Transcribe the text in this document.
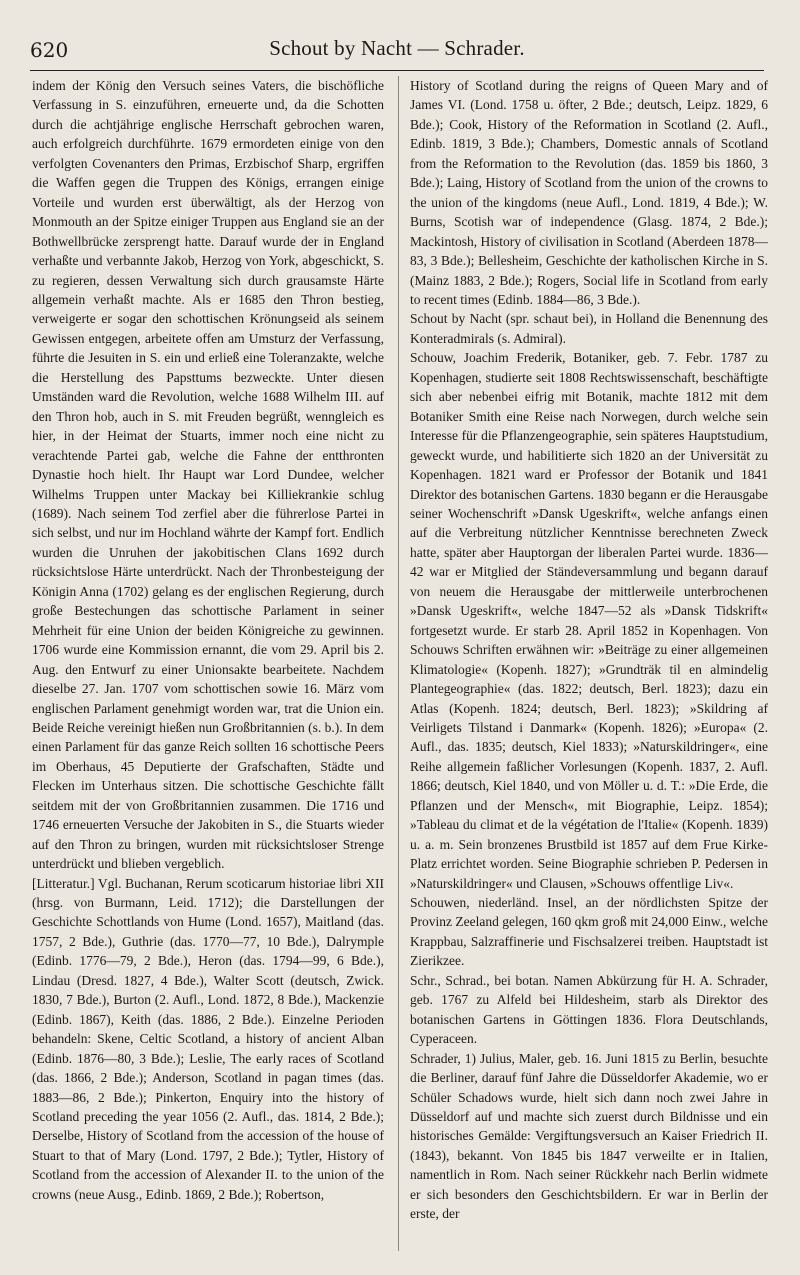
620	Schout by Nacht — Schrader.

indem der König den Versuch seines Vaters, die bischöfliche Verfassung in S. einzuführen, erneuerte und, da die Schotten durch die achtjährige englische Herrschaft gebrochen waren, auch erfolgreich durchführte. 1679 ermordeten einige von den verfolgten Covenanters den Primas, Erzbischof Sharp, ergriffen die Waffen gegen die Truppen des Königs, errangen einige Vorteile und wurden erst überwältigt, als der Herzog von Monmouth an der Spitze einiger Truppen aus England sie an der Bothwellbrücke zersprengt hatte. Darauf wurde der in England verhaßte und verbannte Jakob, Herzog von York, abgeschickt, S. zu regieren, dessen Verwaltung sich durch grausamste Härte allgemein verhaßt machte. Als er 1685 den Thron bestieg, verweigerte er sogar den schottischen Krönungseid als seinem Gewissen entgegen, arbeitete offen am Umsturz der Verfassung, führte die Jesuiten in S. ein und erließ eine Toleranzakte, welche die Herstellung des Papsttums bezweckte. Unter diesen Umständen ward die Revolution, welche 1688 Wilhelm III. auf den Thron hob, auch in S. mit Freuden begrüßt, wenngleich es hier, in der Heimat der Stuarts, immer noch eine nicht zu verachtende Partei gab, welche die Fahne der entthronten Dynastie hoch hielt. Ihr Haupt war Lord Dundee, welcher Wilhelms Truppen unter Mackay bei Killiekrankie schlug (1689). Nach seinem Tod zerfiel aber die führerlose Partei in sich selbst, und nur im Hochland währte der Kampf fort. Endlich wurden die Unruhen der jakobitischen Clans 1692 durch rücksichtslose Härte unterdrückt. Nach der Thronbesteigung der Königin Anna (1702) gelang es der englischen Regierung, durch große Bestechungen das schottische Parlament in seiner Mehrheit für eine Union der beiden Königreiche zu gewinnen. 1706 wurde eine Kommission ernannt, die vom 29. April bis 2. Aug. den Entwurf zu einer Unionsakte bearbeitete. Nachdem dieselbe 27. Jan. 1707 vom schottischen sowie 16. März vom englischen Parlament genehmigt worden war, trat die Union ein. Beide Reiche vereinigt hießen nun Großbritannien (s. b.). In dem einen Parlament für das ganze Reich sollten 16 schottische Peers im Oberhaus, 45 Deputierte der Grafschaften, Städte und Flecken im Unterhaus sitzen. Die schottische Geschichte fällt seitdem mit der von Großbritannien zusammen. Die 1716 und 1746 erneuerten Versuche der Jakobiten in S., die Stuarts wieder auf den Thron zu bringen, wurden mit rücksichtsloser Strenge unterdrückt und blieben vergeblich.

[Litteratur.] Vgl. Buchanan, Rerum scoticarum historiae libri XII (hrsg. von Burmann, Leid. 1712); die Darstellungen der Geschichte Schottlands von Hume (Lond. 1657), Maitland (das. 1757, 2 Bde.), Guthrie (das. 1770—77, 10 Bde.), Dalrymple (Edinb. 1776—79, 2 Bde.), Heron (das. 1794—99, 6 Bde.), Lindau (Dresd. 1827, 4 Bde.), Walter Scott (deutsch, Zwick. 1830, 7 Bde.), Burton (2. Aufl., Lond. 1872, 8 Bde.), Mackenzie (Edinb. 1867), Keith (das. 1886, 2 Bde.). Einzelne Perioden behandeln: Skene, Celtic Scotland, a history of ancient Alban (Edinb. 1876—80, 3 Bde.); Leslie, The early races of Scotland (das. 1866, 2 Bde.); Anderson, Scotland in pagan times (das. 1883—86, 2 Bde.); Pinkerton, Enquiry into the history of Scotland preceding the year 1056 (2. Aufl., das. 1814, 2 Bde.); Derselbe, History of Scotland from the accession of the house of Stuart to that of Mary (Lond. 1797, 2 Bde.); Tytler, History of Scotland from the accession of Alexander II. to the union of the crowns (neue Ausg., Edinb. 1869, 2 Bde.); Robertson,

History of Scotland during the reigns of Queen Mary and of James VI. (Lond. 1758 u. öfter, 2 Bde.; deutsch, Leipz. 1829, 6 Bde.); Cook, History of the Reformation in Scotland (2. Aufl., Edinb. 1819, 3 Bde.); Chambers, Domestic annals of Scotland from the Reformation to the Revolution (das. 1859 bis 1860, 3 Bde.); Laing, History of Scotland from the union of the crowns to the union of the kingdoms (neue Aufl., Lond. 1819, 4 Bde.); W. Burns, Scotish war of independence (Glasg. 1874, 2 Bde.); Mackintosh, History of civilisation in Scotland (Aberdeen 1878—83, 3 Bde.); Bellesheim, Geschichte der katholischen Kirche in S. (Mainz 1883, 2 Bde.); Rogers, Social life in Scotland from early to recent times (Edinb. 1884—86, 3 Bde.).

Schout by Nacht (spr. schaut bei), in Holland die Benennung des Konteradmirals (s. Admiral).

Schouw, Joachim Frederik, Botaniker, geb. 7. Febr. 1787 zu Kopenhagen, studierte seit 1808 Rechtswissenschaft, beschäftigte sich aber nebenbei eifrig mit Botanik, machte 1812 mit dem Botaniker Smith eine Reise nach Norwegen, durch welche sein Interesse für die Pflanzengeographie, sein späteres Hauptstudium, geweckt wurde, und habilitierte sich 1820 an der Universität zu Kopenhagen. 1821 ward er Professor der Botanik und 1841 Direktor des botanischen Gartens. 1830 begann er die Herausgabe seiner Wochenschrift »Dansk Ugeskrift«, welche anfangs einen auf die Verbreitung nützlicher Kenntnisse berechneten Zweck hatte, später aber Hauptorgan der liberalen Partei wurde. 1836—42 war er Mitglied der Ständeversammlung und begann darauf von neuem die Herausgabe der mittlerweile unterbrochenen »Dansk Ugeskrift«, welche 1847—52 als »Dansk Tidskrift« fortgesetzt wurde. Er starb 28. April 1852 in Kopenhagen. Von Schouws Schriften erwähnen wir: »Beiträge zu einer allgemeinen Klimatologie« (Kopenh. 1827); »Grundträk til en almindelig Plantegeographie« (das. 1822; deutsch, Berl. 1823); dazu ein Atlas (Kopenh. 1824; deutsch, Berl. 1823); »Skildring af Veirligets Tilstand i Danmark« (Kopenh. 1826); »Europa« (2. Aufl., das. 1835; deutsch, Kiel 1833); »Naturskildringer«, eine Reihe allgemein faßlicher Vorlesungen (Kopenh. 1837, 2. Aufl. 1866; deutsch, Kiel 1840, und von Möller u. d. T.: »Die Erde, die Pflanzen und der Mensch«, mit Biographie, Leipz. 1854); »Tableau du climat et de la végétation de l'Italie« (Kopenh. 1839) u. a. m. Sein bronzenes Brustbild ist 1857 auf dem Frue Kirke-Platz errichtet worden. Seine Biographie schrieben P. Pedersen in »Naturskildringer« und Clausen, »Schouws offentlige Liv«.

Schouwen, niederländ. Insel, an der nördlichsten Spitze der Provinz Zeeland gelegen, 160 qkm groß mit 24,000 Einw., welche Krappbau, Salzraffinerie und Fischsalzerei treiben. Hauptstadt ist Zierikzee.

Schr., Schrad., bei botan. Namen Abkürzung für H. A. Schrader, geb. 1767 zu Alfeld bei Hildesheim, starb als Direktor des botanischen Gartens in Göttingen 1836. Flora Deutschlands, Cyperaceen.

Schrader, 1) Julius, Maler, geb. 16. Juni 1815 zu Berlin, besuchte die Berliner, darauf fünf Jahre die Düsseldorfer Akademie, wo er Schüler Schadows wurde, hielt sich dann noch zwei Jahre in Düsseldorf auf und machte sich zuerst durch Bildnisse und ein historisches Gemälde: Vergiftungsversuch an Kaiser Friedrich II. (1843), bekannt. Von 1845 bis 1847 verweilte er in Italien, namentlich in Rom. Nach seiner Rückkehr nach Berlin widmete er sich besonders den Geschichtsbildern. Er war in Berlin der erste, der
